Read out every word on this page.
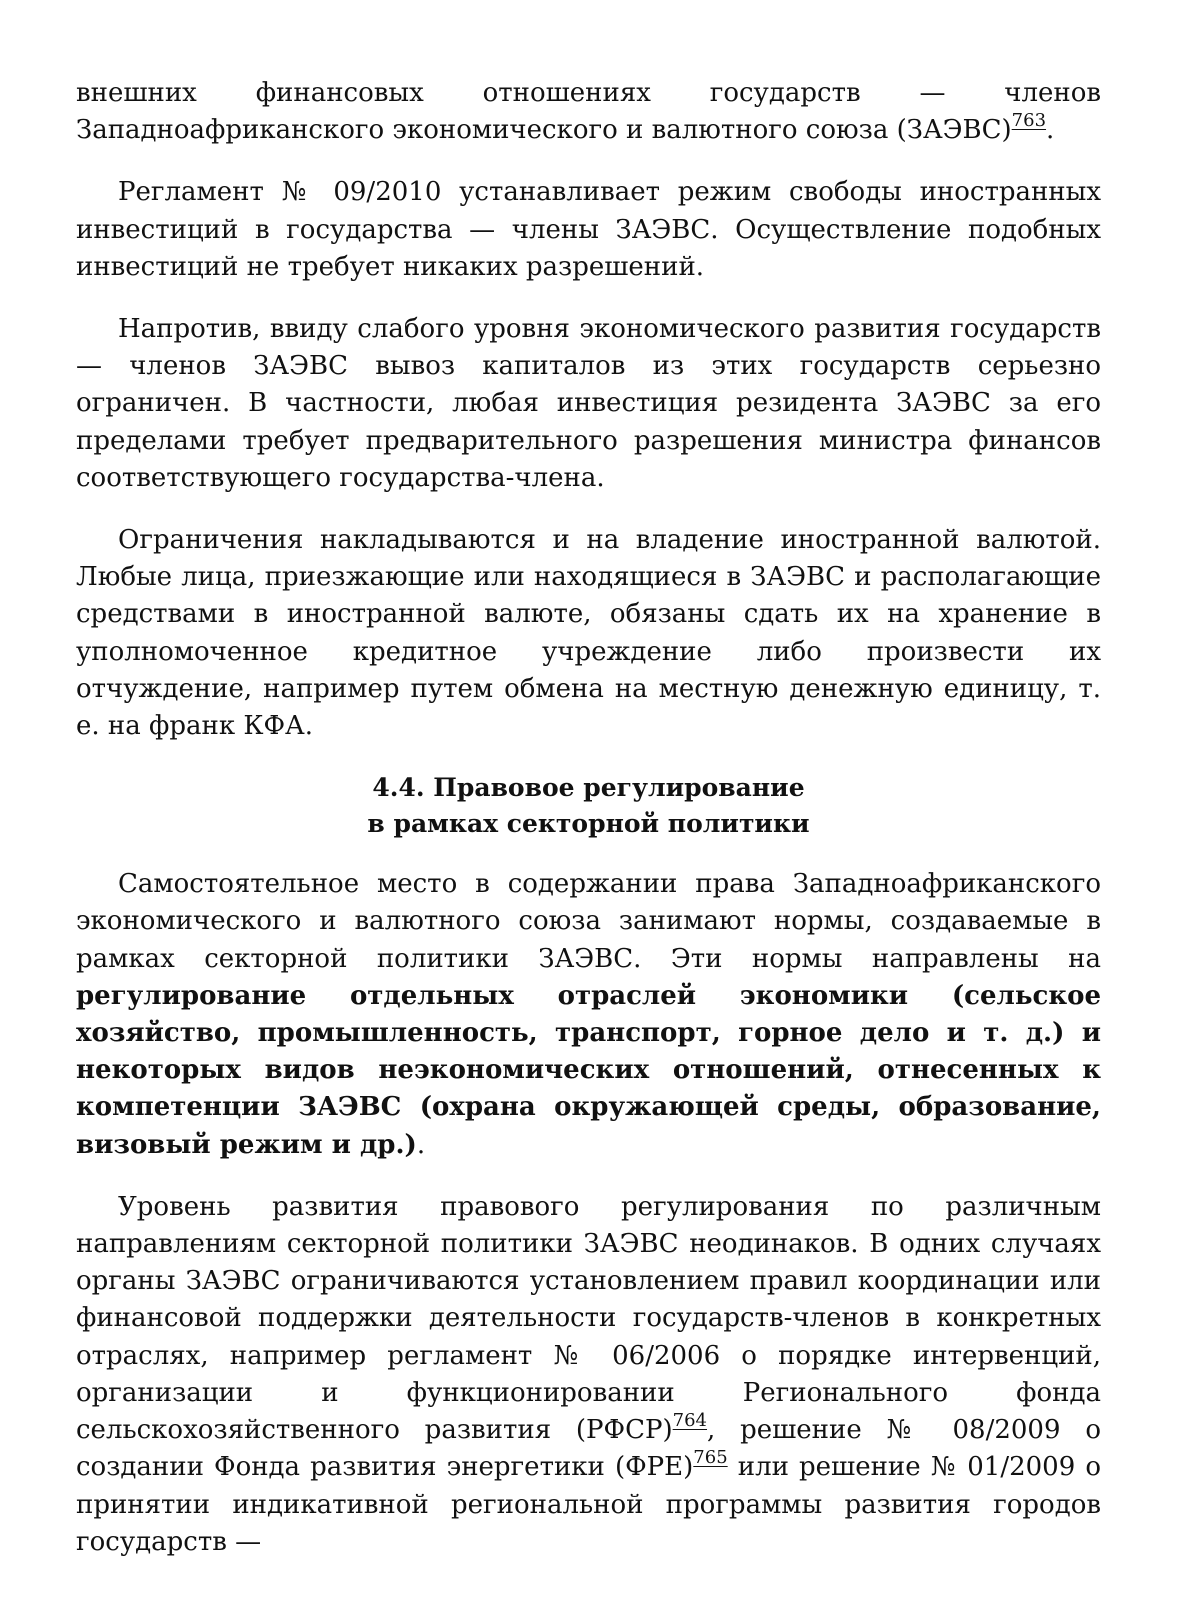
внешних финансовых отношениях государств — членов Западноафриканского экономического и валютного союза (ЗАЭВС)$^{763}$.

Регламент № 09/2010 устанавливает режим свободы иностранных инвестиций в государства — члены ЗАЭВС. Осуществление подобных инвестиций не требует никаких разрешений.

Напротив, ввиду слабого уровня экономического развития государств — членов ЗАЭВС вывоз капиталов из этих государств серьезно ограничен. В частности, любая инвестиция резидента ЗАЭВС за его пределами требует предварительного разрешения министра финансов соответствующего государства-члена.

Ограничения накладываются и на владение иностранной валютой. Любые лица, приезжающие или находящиеся в ЗАЭВС и располагающие средствами в иностранной валюте, обязаны сдать их на хранение в уполномоченное кредитное учреждение либо произвести их отчуждение, например путем обмена на местную денежную единицу, т. е. на франк КФА.

4.4. Правовое регулирование
в рамках секторной политики

Самостоятельное место в содержании права Западноафриканского экономического и валютного союза занимают нормы, создаваемые в рамках секторной политики ЗАЭВС. Эти нормы направлены на регулирование отдельных отраслей экономики (сельское хозяйство, промышленность, транспорт, горное дело и т. д.) и некоторых видов неэкономических отношений, отнесенных к компетенции ЗАЭВС (охрана окружающей среды, образование, визовый режим и др.).

Уровень развития правового регулирования по различным направлениям секторной политики ЗАЭВС неодинаков. В одних случаях органы ЗАЭВС ограничиваются установлением правил координации или финансовой поддержки деятельности государств-членов в конкретных отраслях, например регламент № 06/2006 о порядке интервенций, организации и функционировании Регионального фонда сельскохозяйственного развития (РФСР)$^{764}$, решение № 08/2009 о создании Фонда развития энергетики (ФРЕ)$^{765}$ или решение № 01/2009 о принятии индикативной региональной программы развития городов государств —
